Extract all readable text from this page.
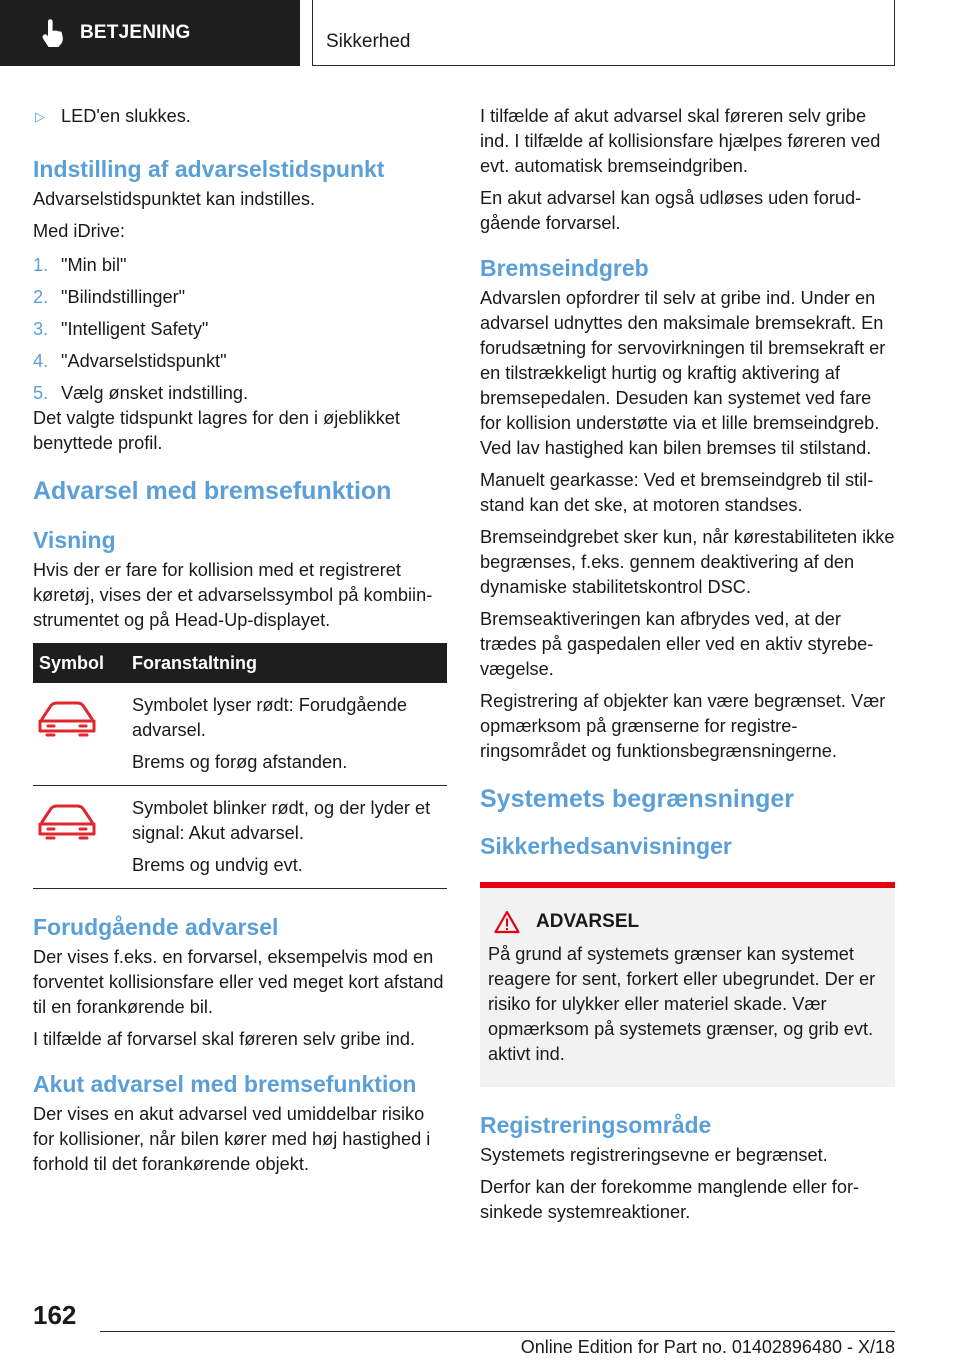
BETJENING	Sikkerhed
▷ LED'en slukkes.
Indstilling af advarselstidspunkt

Advarselstidspunktet kan indstilles.

Med iDrive:

1. "Min bil"
2. "Bilindstillinger"
3. "Intelligent Safety"
4. "Advarselstidspunkt"
5. Vælg ønsket indstilling.

Det valgte tidspunkt lagres for den i øjeblikket benyttede profil.

Advarsel med bremsefunktion
Visning

Hvis der er fare for kollision med et registreret køretøj, vises der et advarselssymbol på kombiinstrumentet og på Head-Up-displayet.

Symbol	Foranstaltning

Symbolet lyser rødt: Forudgående advarsel.

Brems og forøg afstanden.

Symbolet blinker rødt, og der lyder et signal: Akut advarsel.

Brems og undvig evt.

Forudgående advarsel

Der vises f.eks. en forvarsel, eksempelvis mod en forventet kollisionsfare eller ved meget kort afstand til en forankørende bil.

I tilfælde af forvarsel skal føreren selv gribe ind.

Akut advarsel med bremsefunktion

Der vises en akut advarsel ved umiddelbar risiko for kollisioner, når bilen kører med høj hastighed i forhold til det forankørende objekt.

I tilfælde af akut advarsel skal føreren selv gribe ind. I tilfælde af kollisionsfare hjælpes føreren ved evt. automatisk bremseindgriben.

En akut advarsel kan også udløses uden forudgående forvarsel.

Bremseindgreb

Advarslen opfordrer til selv at gribe ind. Under en advarsel udnyttes den maksimale bremsekraft. En forudsætning for servovirkningen til bremsekraft er en tilstrækkeligt hurtig og kraftig aktivering af bremsepedalen. Desuden kan systemet ved fare for kollision understøtte via et lille bremseindgreb. Ved lav hastighed kan bilen bremses til stilstand.

Manuelt gearkasse: Ved et bremseindgreb til stilstand kan det ske, at motoren standses.

Bremseindgrebet sker kun, når kørestabiliteten ikke begrænses, f.eks. gennem deaktivering af den dynamiske stabilitetskontrol DSC.

Bremseaktiveringen kan afbrydes ved, at der trædes på gaspedalen eller ved en aktiv styrebevægelse.

Registrering af objekter kan være begrænset. Vær opmærksom på grænserne for registreringsområdet og funktionsbegrænsningerne.

Systemets begrænsninger
Sikkerhedsanvisninger
ADVARSEL

På grund af systemets grænser kan systemet reagere for sent, forkert eller ubegrundet. Der er risiko for ulykker eller materiel skade. Vær opmærksom på systemets grænser, og grib evt. aktivt ind.

Registreringsområde

Systemets registreringsevne er begrænset.

Derfor kan der forekomme manglende eller forsinkede systemreaktioner.

162
Online Edition for Part no. 01402896480 - X/18
